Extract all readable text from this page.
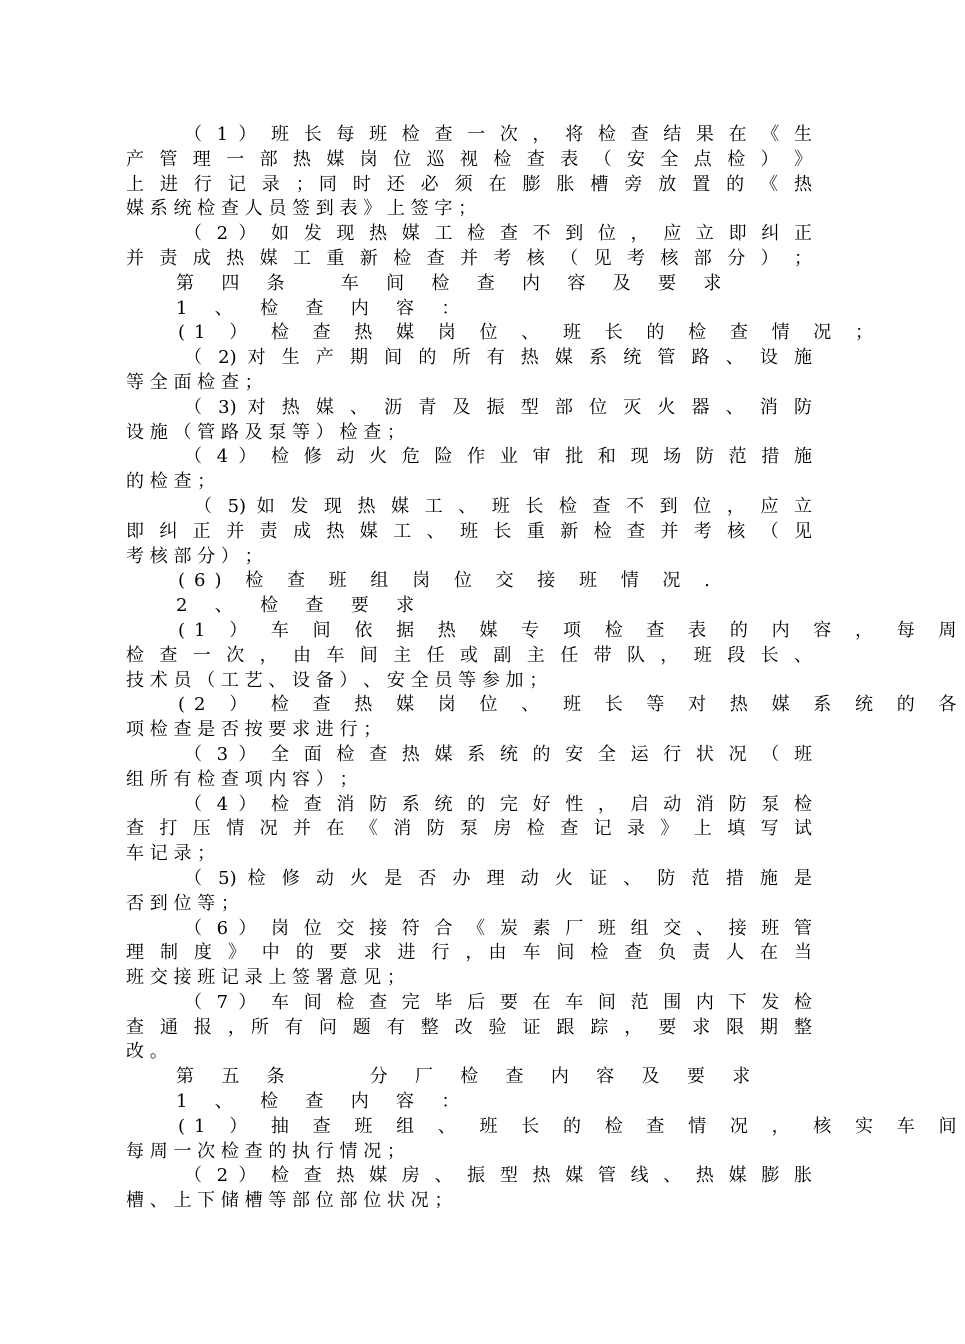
（ 1 ） 班 长 每 班 检 查 一 次 ， 将 检 查 结 果 在 《 生
产 管 理 一 部 热 媒 岗 位 巡 视 检 查 表 （ 安 全 点 检 ） 》
上 进 行 记 录 ；同 时 还 必 须 在 膨 胀 槽 旁 放 置 的 《 热
媒 系 统 检 查 人 员 签 到 表 》 上 签 字 ；
（ 2 ） 如 发 现 热 媒 工 检 查 不 到 位 ， 应 立 即 纠 正
并 责 成 热 媒 工 重 新 检 查 并 考 核 （ 见 考 核 部 分 ） ；
第 四 条 　车 间 检 查 内 容 及 要 求
1 、 检 查 内 容 ：
(1 ） 检 查 热 媒 岗 位 、 班 长 的 检 查 情 况 ；
（ 2) 对 生 产 期 间 的 所 有 热 媒 系 统 管 路 、 设 施
等 全 面 检 查 ；
（ 3) 对 热 媒 、 沥 青 及 振 型 部 位 灭 火 器 、 消 防
设 施 （ 管 路 及 泵 等 ） 检 查 ；
（ 4 ） 检 修 动 火 危 险 作 业 审 批 和 现 场 防 范 措 施
的 检 查 ；
（ 5) 如 发 现 热 媒 工 、 班 长 检 查 不 到 位 ， 应 立
即 纠 正 并 责 成 热 媒 工 、 班 长 重 新 检 查 并 考 核 （ 见
考 核 部 分 ） ；
(6) 检 查 班 组 岗 位 交 接 班 情 况 .
2 、 检 查 要 求
(1 ） 车 间 依 据 热 媒 专 项 检 查 表 的 内 容 ， 每 周
检 查 一 次 ， 由 车 间 主 任 或 副 主 任 带 队 ， 班 段 长 、
技 术 员 （ 工 艺 、 设 备 ） 、 安 全 员 等 参 加 ；
(2 ） 检 查 热 媒 岗 位 、 班 长 等 对 热 媒 系 统 的 各
项 检 查 是 否 按 要 求 进 行 ；
（ 3 ） 全 面 检 查 热 媒 系 统 的 安 全 运 行 状 况 （ 班
组 所 有 检 查 项 内 容 ） ；
（ 4 ） 检 查 消 防 系 统 的 完 好 性 ， 启 动 消 防 泵 检
查 打 压 情 况 并 在 《 消 防 泵 房 检 查 记 录 》 上 填 写 试
车 记 录 ；
（ 5) 检 修 动 火 是 否 办 理 动 火 证 、 防 范 措 施 是
否 到 位 等 ；
（ 6 ） 岗 位 交 接 符 合 《 炭 素 厂 班 组 交 、 接 班 管
理 制 度 》 中 的 要 求 进 行 ，由 车 间 检 查 负 责 人 在 当
班 交 接 班 记 录 上 签 署 意 见 ；
（ 7 ） 车 间 检 查 完 毕 后 要 在 车 间 范 围 内 下 发 检
查 通 报 ，所 有 问 题 有 整 改 验 证 跟 踪 ， 要 求 限 期 整
改 。
第 五 条 　　分 厂 检 查 内 容 及 要 求
1 、 检 查 内 容 ：
(1 ） 抽 查 班 组 、 班 长 的 检 查 情 况 ， 核 实 车 间
每 周 一 次 检 查 的 执 行 情 况 ；
（ 2 ） 检 查 热 媒 房 、 振 型 热 媒 管 线 、 热 媒 膨 胀
槽 、 上 下 储 槽 等 部 位 部 位 状 况 ；
